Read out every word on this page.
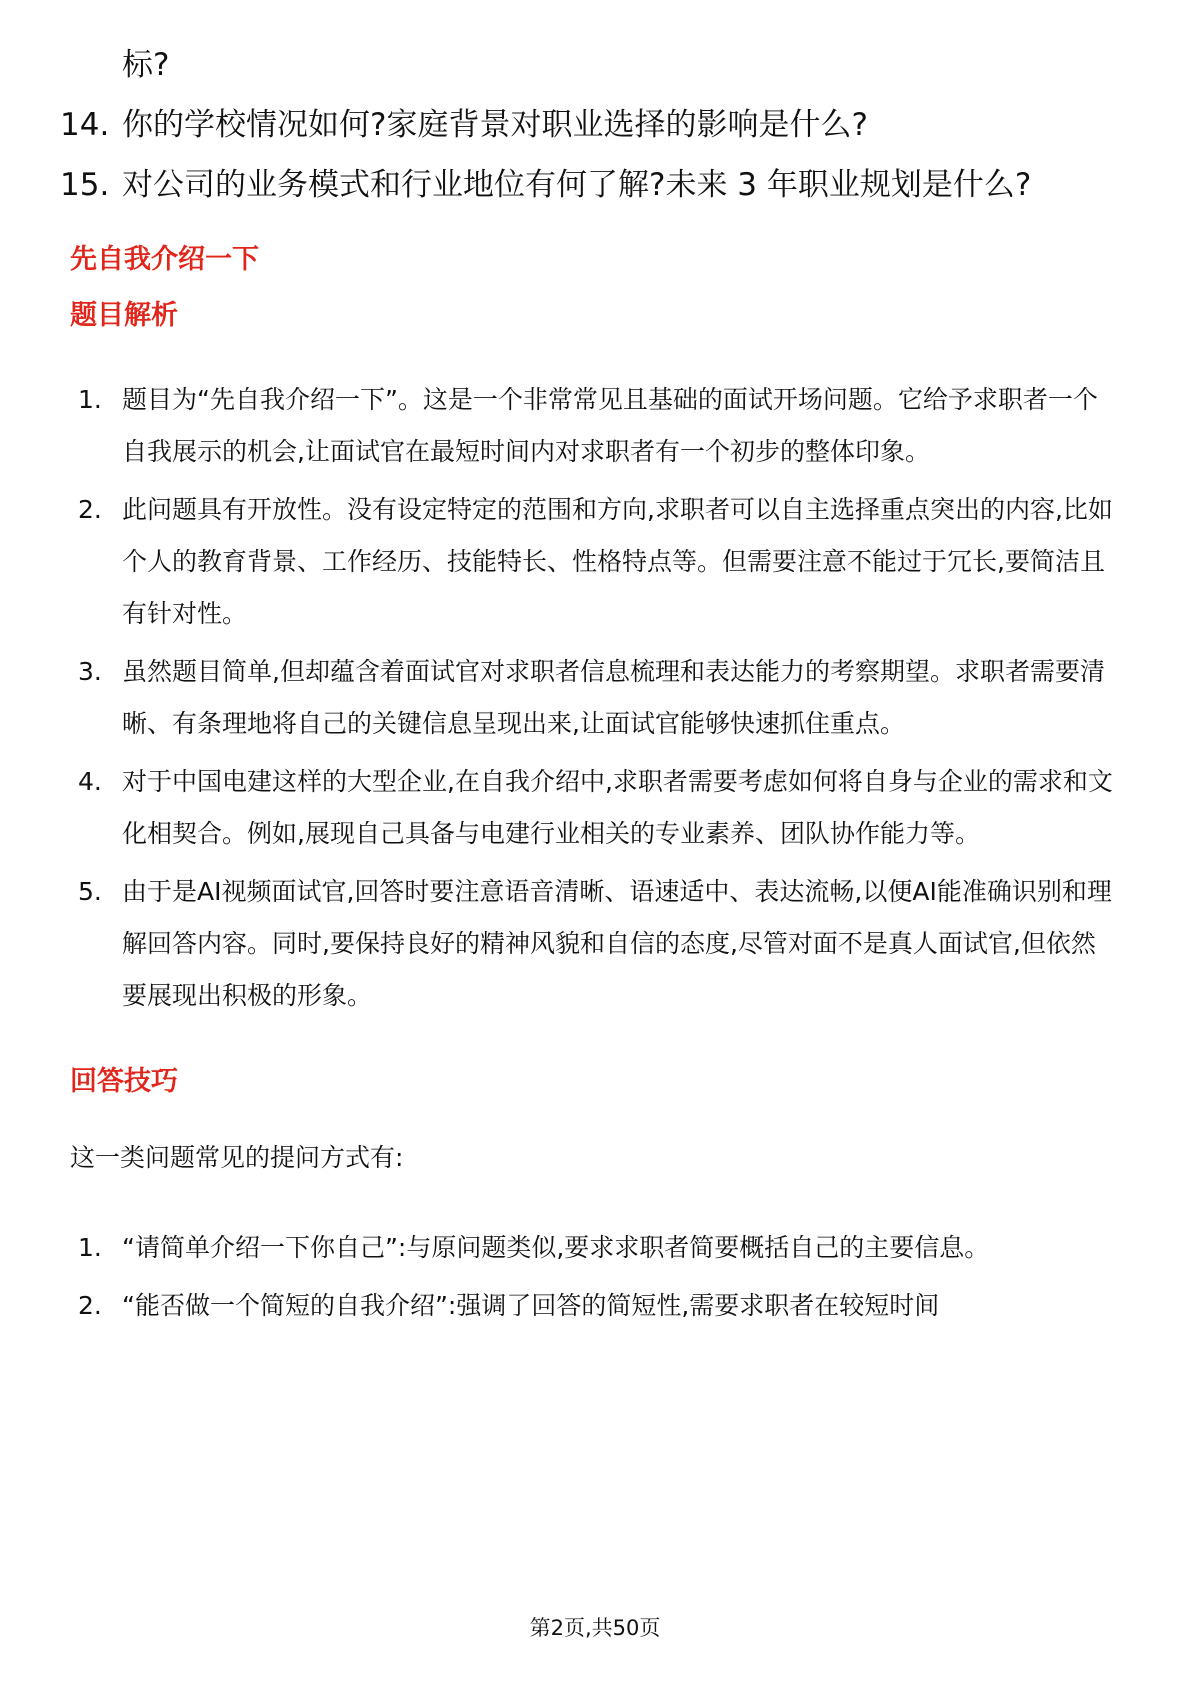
标?
14. 你的学校情况如何?家庭背景对职业选择的影响是什么?
15. 对公司的业务模式和行业地位有何了解?未来 3 年职业规划是什么?
先自我介绍一下
题目解析
1. 题目为“先自我介绍一下”。这是一个非常常见且基础的面试开场问题。它给予求职者一个自我展示的机会,让面试官在最短时间内对求职者有一个初步的整体印象。
2. 此问题具有开放性。没有设定特定的范围和方向,求职者可以自主选择重点突出的内容,比如个人的教育背景、工作经历、技能特长、性格特点等。但需要注意不能过于冗长,要简洁且有针对性。
3. 虽然题目简单,但却蕴含着面试官对求职者信息梳理和表达能力的考察期望。求职者需要清晰、有条理地将自己的关键信息呈现出来,让面试官能够快速抓住重点。
4. 对于中国电建这样的大型企业,在自我介绍中,求职者需要考虑如何将自身与企业的需求和文化相契合。例如,展现自己具备与电建行业相关的专业素养、团队协作能力等。
5. 由于是AI视频面试官,回答时要注意语音清晰、语速适中、表达流畅,以便AI能准确识别和理解回答内容。同时,要保持良好的精神风貌和自信的态度,尽管对面不是真人面试官,但依然要展现出积极的形象。
回答技巧
这一类问题常见的提问方式有:
1. “请简单介绍一下你自己”:与原问题类似,要求求职者简要概括自己的主要信息。
2. “能否做一个简短的自我介绍”:强调了回答的简短性,需要求职者在较短时间
第2页,共50页
